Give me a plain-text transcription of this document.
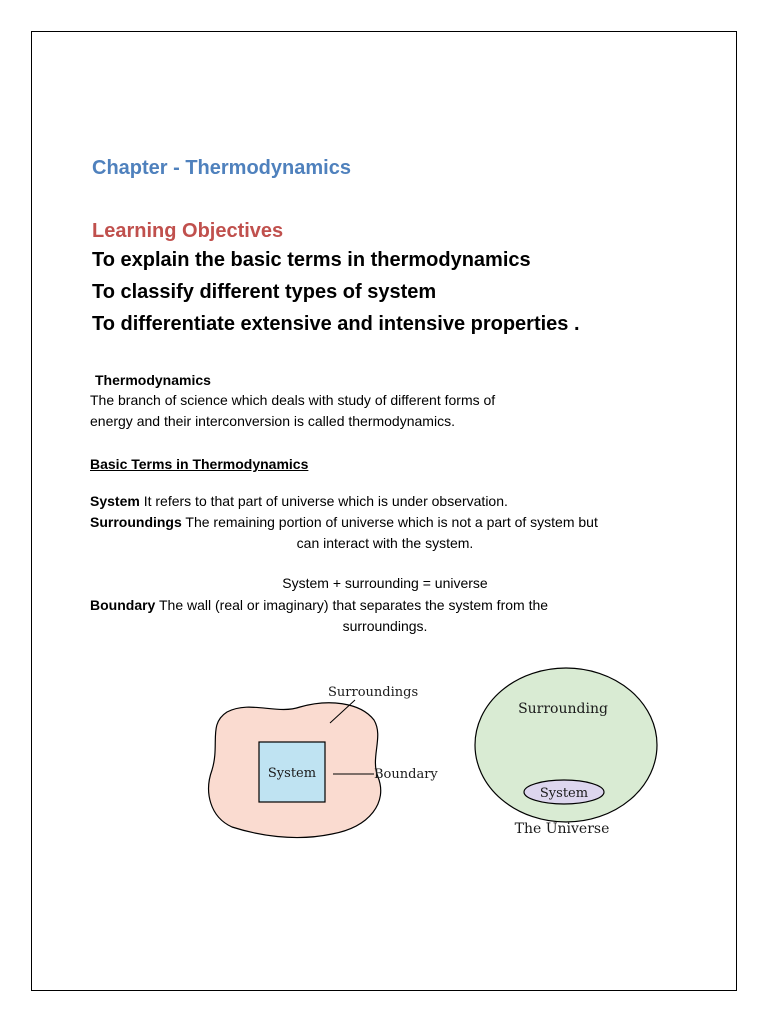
Chapter - Thermodynamics
Learning Objectives
To explain the basic terms in thermodynamics
To classify different types of system
To differentiate extensive and intensive properties .
Thermodynamics
The branch of science which deals with study of different forms of
energy and their interconversion is called thermodynamics.
Basic Terms in Thermodynamics
System It refers to that part of universe which is under observation.
Surroundings The remaining portion of universe which is not a part of system but
can interact with the system.
System + surrounding = universe
Boundary The wall (real or imaginary) that separates the system from the
surroundings.
System	Boundary
Surroundings
Surrounding
System
The Universe
